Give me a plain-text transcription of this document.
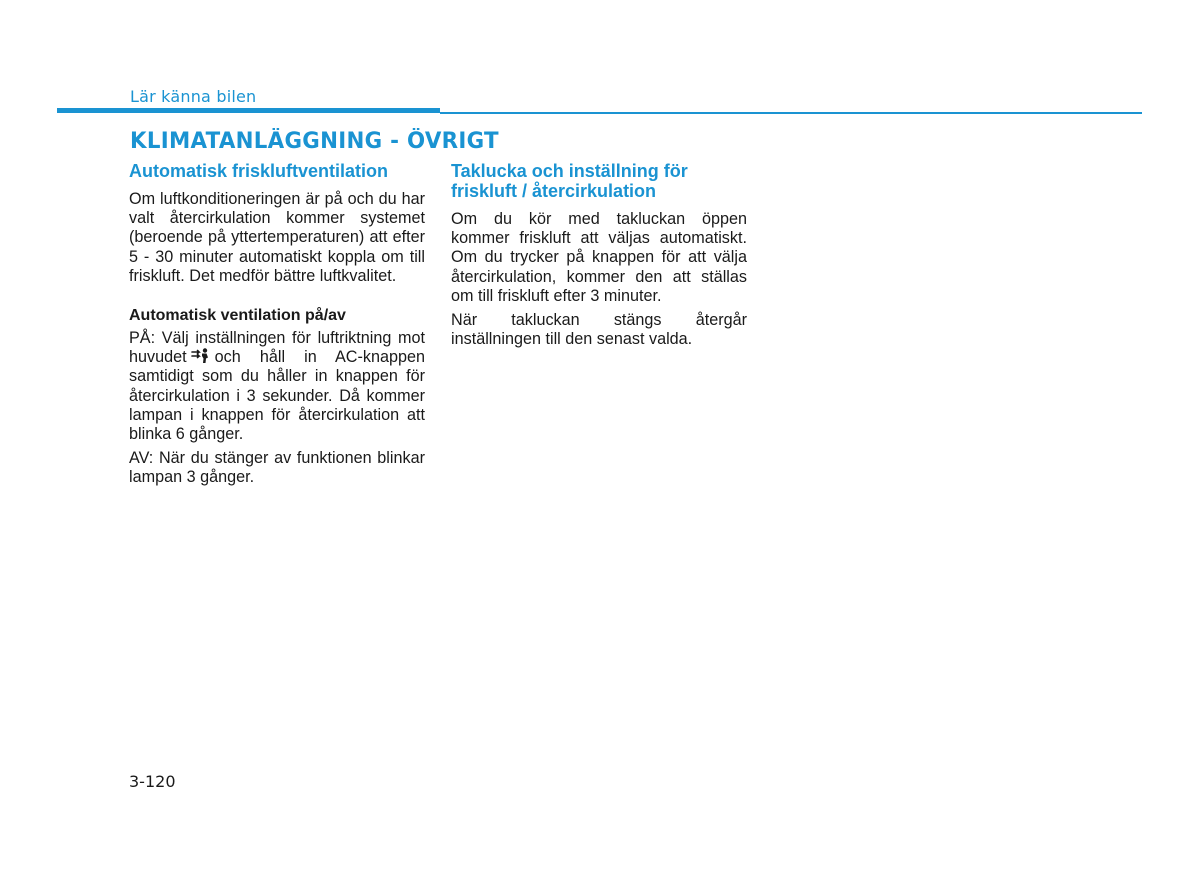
Lär känna bilen
KLIMATANLÄGGNING - ÖVRIGT
Automatisk friskluftventilation

Om luftkonditioneringen är på och du har valt återcirkulation kommer systemet (beroende på yttertemperaturen) att efter 5 - 30 minuter automatiskt koppla om till friskluft. Det medför bättre luftkvalitet.

Automatisk ventilation på/av

PÅ: Välj inställningen för luftriktning mot huvudet och håll in AC-knappen samtidigt som du håller in knappen för återcirkulation i 3 sekunder. Då kommer lampan i knappen för återcirkulation att blinka 6 gånger.

AV: När du stänger av funktionen blinkar lampan 3 gånger.

Taklucka och inställning för friskluft / återcirkulation

Om du kör med takluckan öppen kommer friskluft att väljas automatiskt. Om du trycker på knappen för att välja återcirkulation, kommer den att ställas om till friskluft efter 3 minuter.

När takluckan stängs återgår inställningen till den senast valda.

3-120
